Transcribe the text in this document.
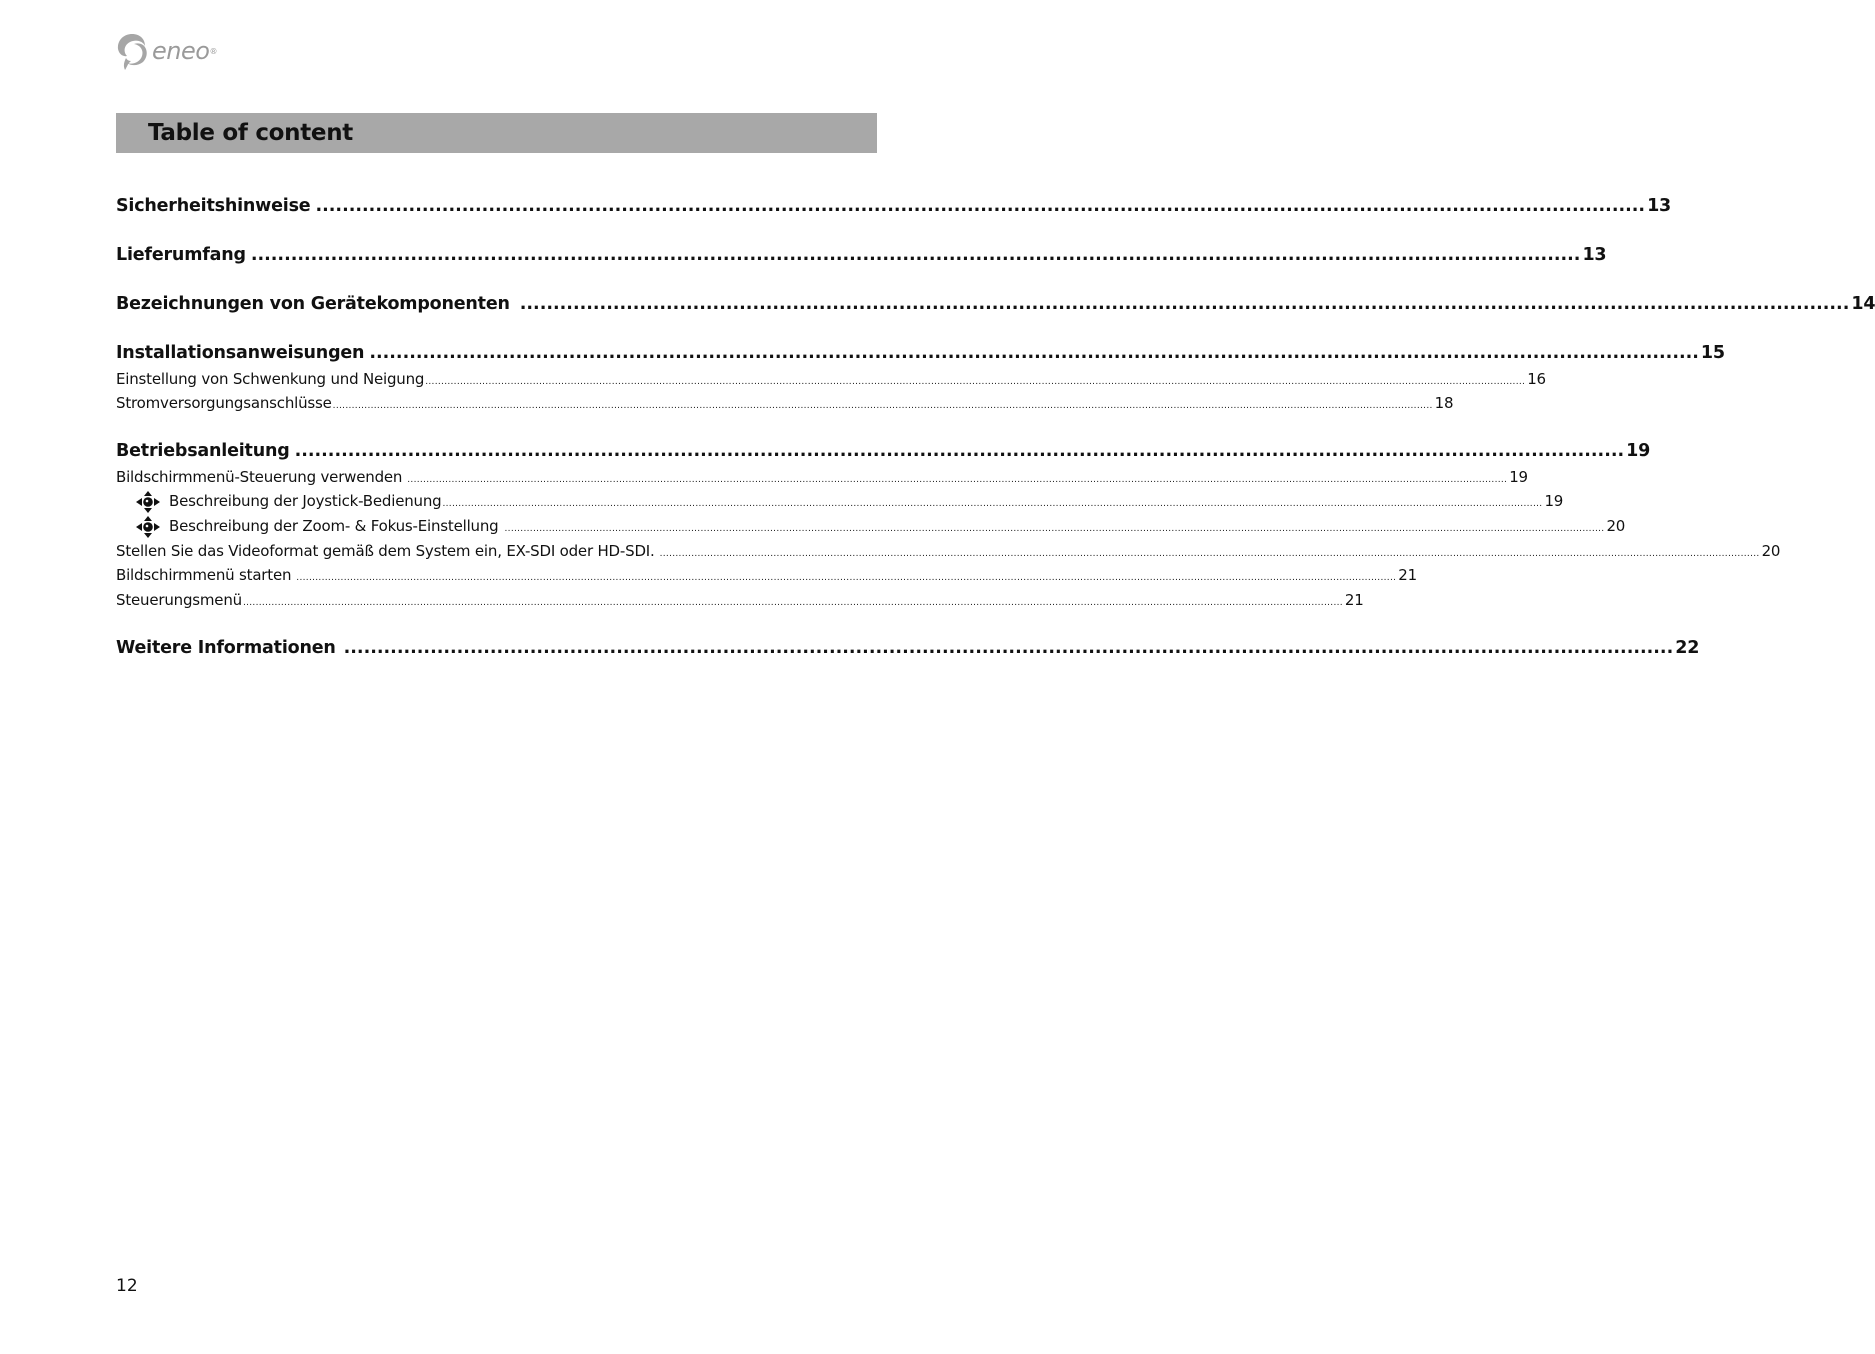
eneo ®
Table of content
Sicherheitshinweise ........................................................................................................................................................................................................ 13
Lieferumfang ........................................................................................................................................................................................................ 13
Bezeichnungen von Gerätekomponenten ........................................................................................................................................................................................................ 14
Installationsanweisungen ........................................................................................................................................................................................................ 15
Einstellung von Schwenkung und Neigung ............................................................................................................................................................................................................................................................................................................................................................ 16
Stromversorgungsanschlüsse ............................................................................................................................................................................................................................................................................................................................................................ 18
Betriebsanleitung ........................................................................................................................................................................................................ 19
Bildschirmmenü-Steuerung verwenden ............................................................................................................................................................................................................................................................................................................................................................ 19
Beschreibung der Joystick-Bedienung ............................................................................................................................................................................................................................................................................................................................................................ 19
Beschreibung der Zoom- & Fokus-Einstellung ............................................................................................................................................................................................................................................................................................................................................................ 20
Stellen Sie das Videoformat gemäß dem System ein, EX-SDI oder HD-SDI. ............................................................................................................................................................................................................................................................................................................................................................ 20
Bildschirmmenü starten ............................................................................................................................................................................................................................................................................................................................................................ 21
Steuerungsmenü ............................................................................................................................................................................................................................................................................................................................................................ 21
Weitere Informationen ........................................................................................................................................................................................................ 22
12
